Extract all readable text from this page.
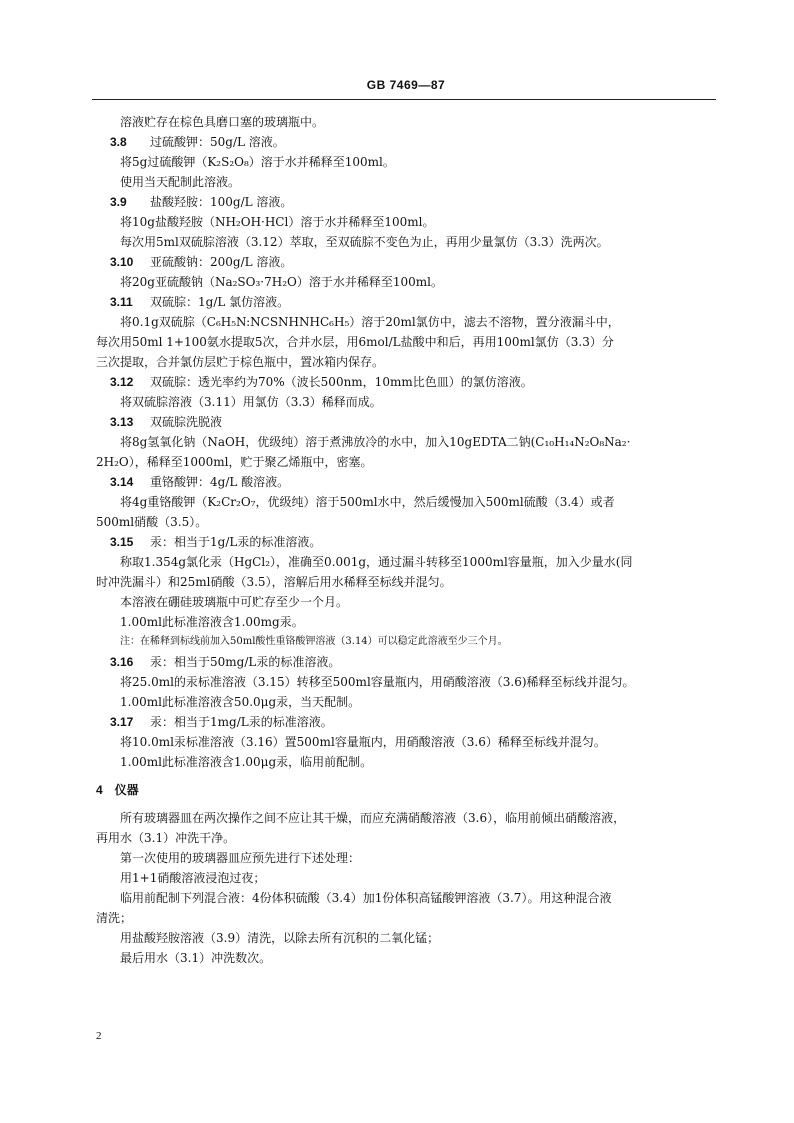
GB 7469—87
溶液贮存在棕色具磨口塞的玻璃瓶中。
3.8 过硫酸钾：50g/L 溶液。
将5g过硫酸钾（K₂S₂O₈）溶于水并稀释至100ml。
使用当天配制此溶液。
3.9 盐酸羟胺：100g/L 溶液。
将10g盐酸羟胺（NH₂OH·HCl）溶于水并稀释至100ml。
每次用5ml双硫腙溶液（3.12）萃取，至双硫腙不变色为止，再用少量氯仿（3.3）洗两次。
3.10 亚硫酸钠：200g/L 溶液。
将20g亚硫酸钠（Na₂SO₃·7H₂O）溶于水并稀释至100ml。
3.11 双硫腙：1g/L 氯仿溶液。
将0.1g双硫腙（C₆H₅N:NCSNHNHC₆H₅）溶于20ml氯仿中，滤去不溶物，置分液漏斗中，
每次用50ml 1+100氨水提取5次，合并水层，用6mol/L盐酸中和后，再用100ml氯仿（3.3）分
三次提取，合并氯仿层贮于棕色瓶中，置冰箱内保存。
3.12 双硫腙：透光率约为70%（波长500nm，10mm比色皿）的氯仿溶液。
将双硫腙溶液（3.11）用氯仿（3.3）稀释而成。
3.13 双硫腙洗脱液
将8g氢氧化钠（NaOH，优级纯）溶于煮沸放冷的水中，加入10gEDTA二钠(C₁₀H₁₄N₂O₈Na₂·
2H₂O），稀释至1000ml，贮于聚乙烯瓶中，密塞。
3.14 重铬酸钾：4g/L 酸溶液。
将4g重铬酸钾（K₂Cr₂O₇，优级纯）溶于500ml水中，然后缓慢加入500ml硫酸（3.4）或者
500ml硝酸（3.5）。
3.15 汞：相当于1g/L汞的标准溶液。
称取1.354g氯化汞（HgCl₂），准确至0.001g，通过漏斗转移至1000ml容量瓶，加入少量水(同
时冲洗漏斗）和25ml硝酸（3.5），溶解后用水稀释至标线并混匀。
本溶液在硼硅玻璃瓶中可贮存至少一个月。
1.00ml此标准溶液含1.00mg汞。
注：在稀释到标线前加入50ml酸性重铬酸钾溶液（3.14）可以稳定此溶液至少三个月。
3.16 汞：相当于50mg/L汞的标准溶液。
将25.0ml的汞标准溶液（3.15）转移至500ml容量瓶内，用硝酸溶液（3.6)稀释至标线并混匀。
1.00ml此标准溶液含50.0μg汞，当天配制。
3.17 汞：相当于1mg/L汞的标准溶液。
将10.0ml汞标准溶液（3.16）置500ml容量瓶内，用硝酸溶液（3.6）稀释至标线并混匀。
1.00ml此标准溶液含1.00μg汞，临用前配制。
4　仪器
所有玻璃器皿在两次操作之间不应让其干燥，而应充满硝酸溶液（3.6），临用前倾出硝酸溶液，
再用水（3.1）冲洗干净。
第一次使用的玻璃器皿应预先进行下述处理：
用1+1硝酸溶液浸泡过夜；
临用前配制下列混合液：4份体积硫酸（3.4）加1份体积高锰酸钾溶液（3.7）。用这种混合液
清洗；
用盐酸羟胺溶液（3.9）清洗，以除去所有沉积的二氧化锰；
最后用水（3.1）冲洗数次。
2
